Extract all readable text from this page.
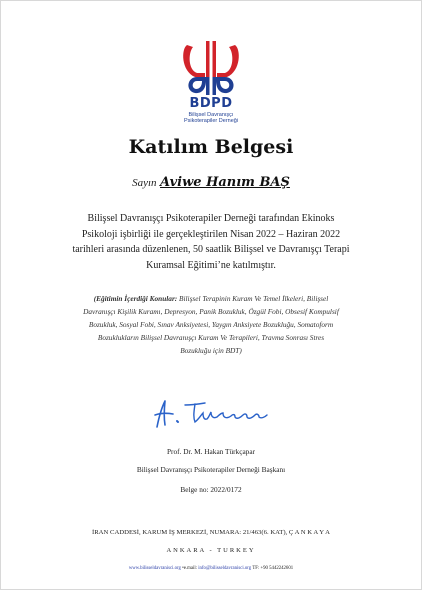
BDPD
Bilişsel Davranışçı
Psikoterapiler Derneği
Katılım Belgesi
Sayın Aviwe Hanım BAŞ
Bilişsel Davranışçı Psikoterapiler Derneği tarafından Ekinoks
Psikoloji işbirliği ile gerçekleştirilen Nisan 2022 – Haziran 2022
tarihleri arasında düzenlenen, 50 saatlik Bilişsel ve Davranışçı Terapi
Kuramsal Eğitimi’ne katılmıştır.
(Eğitimin İçerdiği Konular: Bilişsel Terapinin Kuram Ve Temel İlkeleri, Bilişsel
Davranışçı Kişilik Kuramı, Depresyon, Panik Bozukluk, Özgül Fobi, Obsesif Kompulsif
Bozukluk, Sosyal Fobi, Sınav Anksiyetesi, Yaygın Anksiyete Bozukluğu, Somatoform
Bozuklukların Bilişsel Davranışçı Kuram Ve Terapileri, Travma Sonrası Stres
Bozukluğu için BDT)
Prof. Dr. M. Hakan Türkçapar
Bilişsel Davranışçı Psikoterapiler Derneği Başkanı
Belge no: 2022/0172
İRAN CADDESİ, KARUM İŞ MERKEZİ, NUMARA: 21/463(6. KAT), Ç A N K A Y A
ANKARA - TURKEY
www.bilisseldavranisci.org •e.mail: info@bilisseldavranisci.org TF: +90 5442242601
